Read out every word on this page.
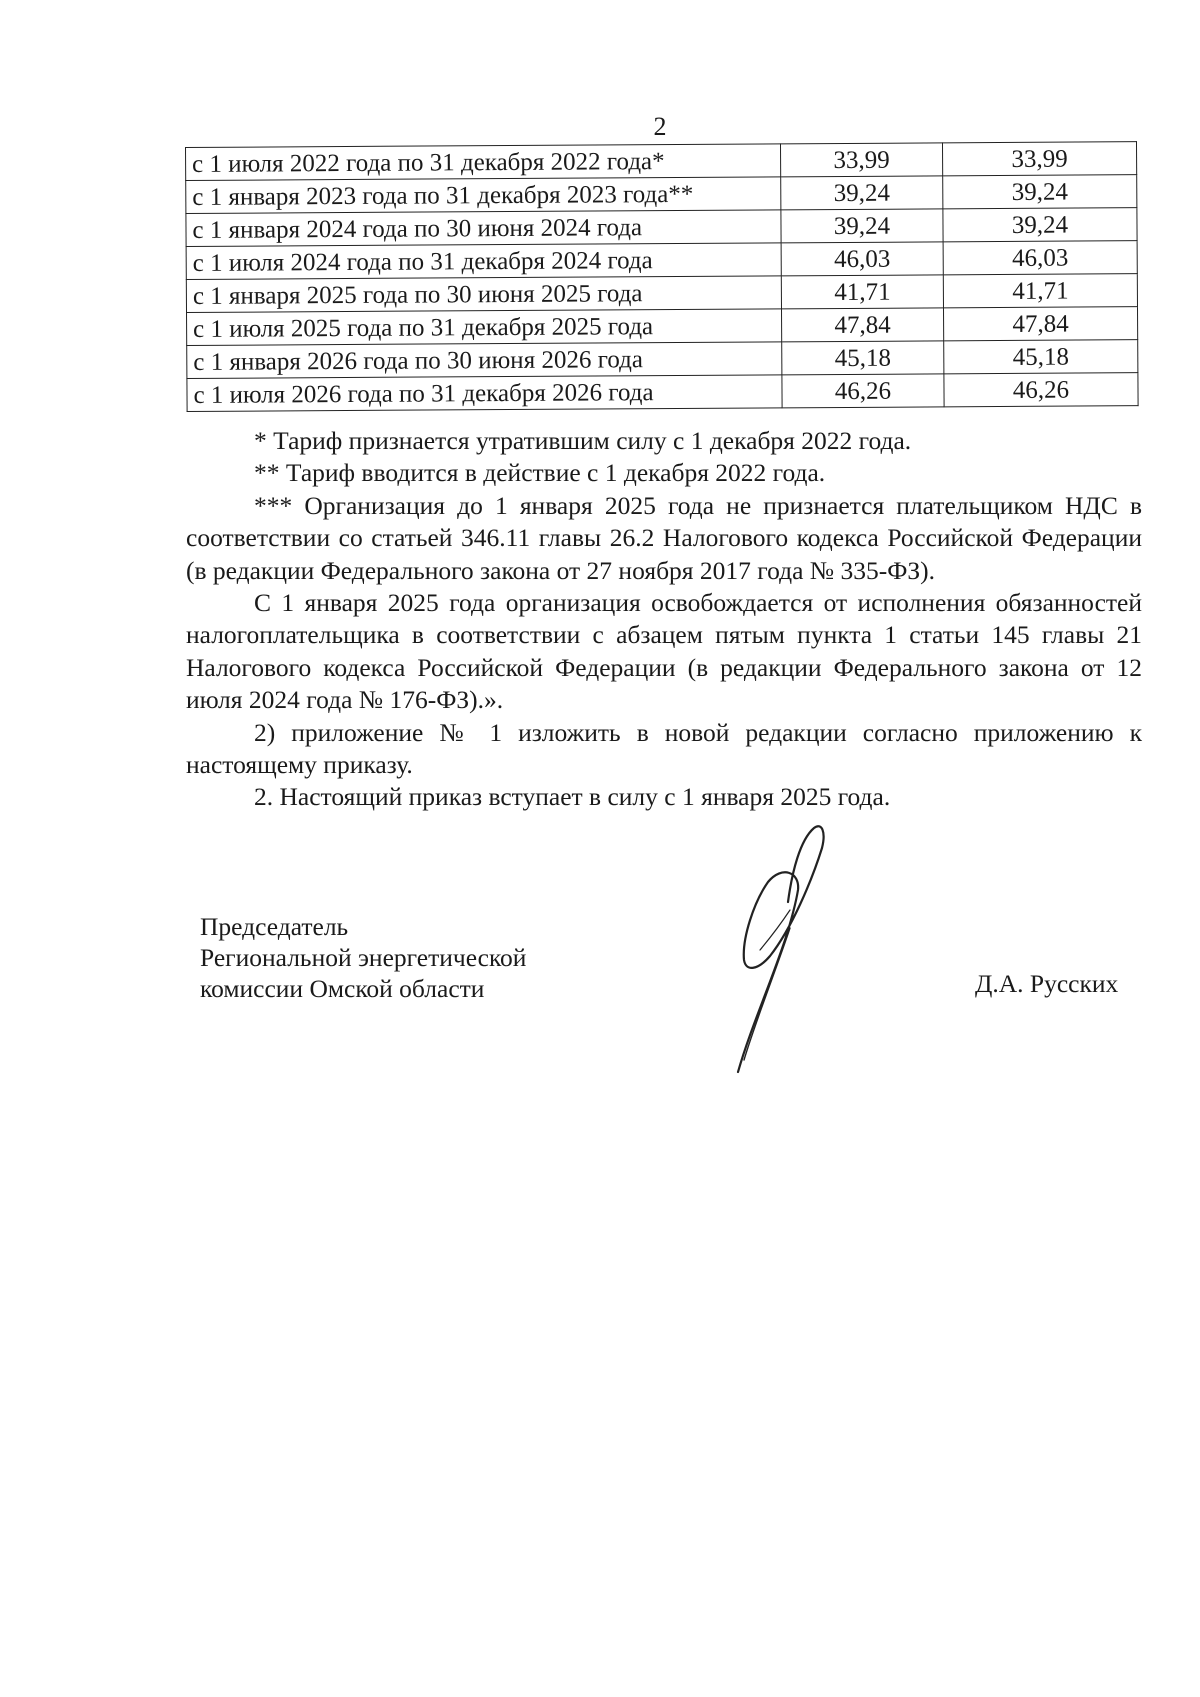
2
с 1 июля 2022 года по 31 декабря 2022 года*	33,99	33,99
с 1 января 2023 года по 31 декабря 2023 года**	39,24	39,24
с 1 января 2024 года по 30 июня 2024 года	39,24	39,24
с 1 июля 2024 года по 31 декабря 2024 года	46,03	46,03
с 1 января 2025 года по 30 июня 2025 года	41,71	41,71
с 1 июля 2025 года по 31 декабря 2025 года	47,84	47,84
с 1 января 2026 года по 30 июня 2026 года	45,18	45,18
с 1 июля 2026 года по 31 декабря 2026 года	46,26	46,26

* Тариф признается утратившим силу с 1 декабря 2022 года.

** Тариф вводится в действие с 1 декабря 2022 года.

*** Организация до 1 января 2025 года не признается плательщиком НДС в соответствии со статьей 346.11 главы 26.2 Налогового кодекса Российской Федерации (в редакции Федерального закона от 27 ноября 2017 года № 335-ФЗ).

С 1 января 2025 года организация освобождается от исполнения обязанностей налогоплательщика в соответствии с абзацем пятым пункта 1 статьи 145 главы 21 Налогового кодекса Российской Федерации (в редакции Федерального закона от 12 июля 2024 года № 176-ФЗ).».

2) приложение № 1 изложить в новой редакции согласно приложению к настоящему приказу.

2. Настоящий приказ вступает в силу с 1 января 2025 года.

Председатель
Региональной энергетической
комиссии Омской области	Д.А. Русских
